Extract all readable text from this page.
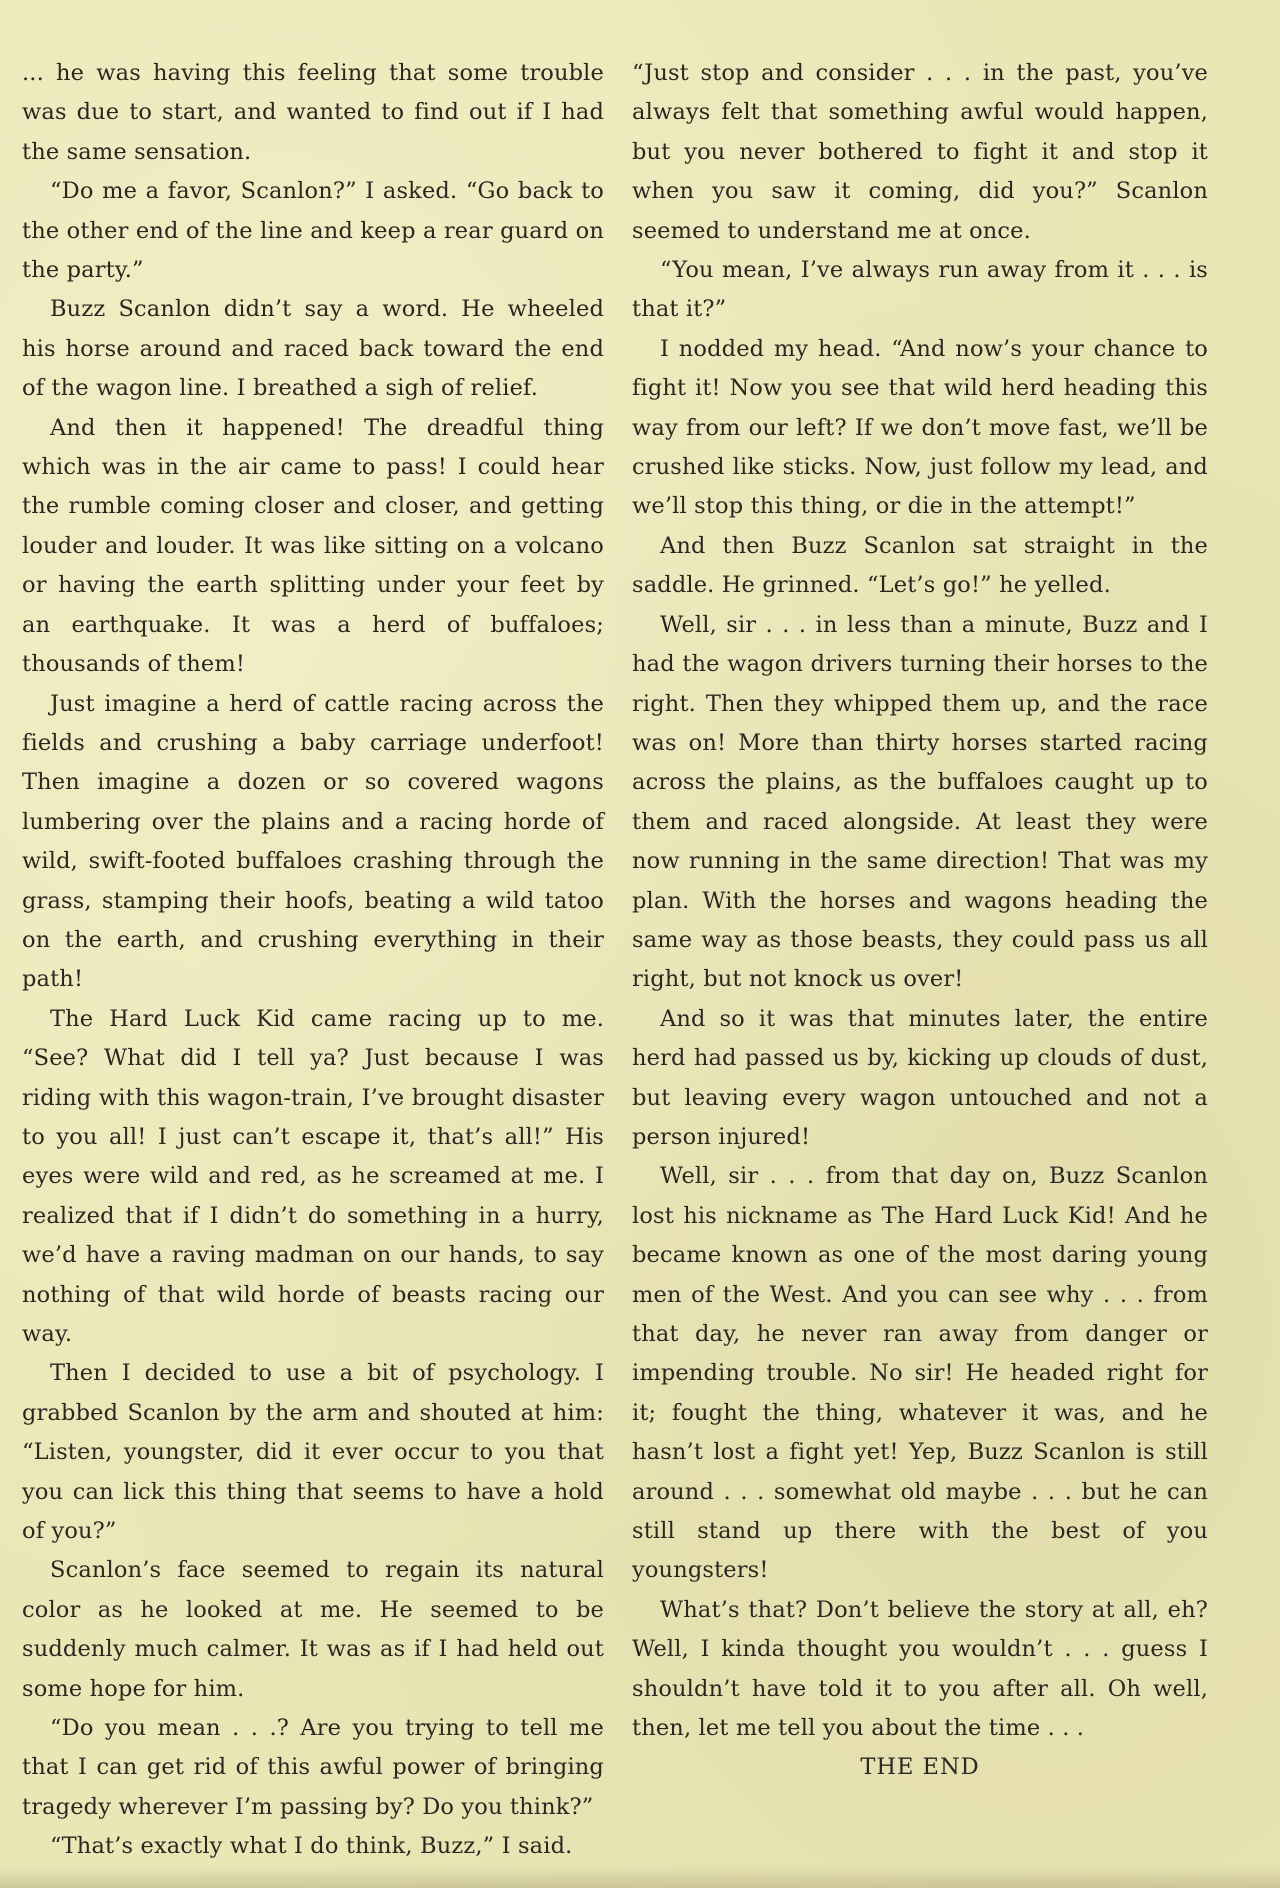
... he was having this feeling that some trouble was due to start, and wanted to find out if I had the same sensation.

“Do me a favor, Scanlon?” I asked. “Go back to the other end of the line and keep a rear guard on the party.”

Buzz Scanlon didn’t say a word. He wheeled his horse around and raced back toward the end of the wagon line. I breathed a sigh of relief.

And then it happened! The dreadful thing which was in the air came to pass! I could hear the rumble coming closer and closer, and getting louder and louder. It was like sitting on a volcano or having the earth splitting under your feet by an earthquake. It was a herd of buffaloes; thousands of them!

Just imagine a herd of cattle racing across the fields and crushing a baby carriage underfoot! Then imagine a dozen or so covered wagons lumbering over the plains and a racing horde of wild, swift-footed buffaloes crashing through the grass, stamping their hoofs, beating a wild tatoo on the earth, and crushing everything in their path!

The Hard Luck Kid came racing up to me. “See? What did I tell ya? Just because I was riding with this wagon-train, I’ve brought disaster to you all! I just can’t escape it, that’s all!” His eyes were wild and red, as he screamed at me. I realized that if I didn’t do something in a hurry, we’d have a raving madman on our hands, to say nothing of that wild horde of beasts racing our way.

Then I decided to use a bit of psychology. I grabbed Scanlon by the arm and shouted at him: “Listen, youngster, did it ever occur to you that you can lick this thing that seems to have a hold of you?”

Scanlon’s face seemed to regain its natural color as he looked at me. He seemed to be suddenly much calmer. It was as if I had held out some hope for him.

“Do you mean . . .? Are you trying to tell me that I can get rid of this awful power of bringing tragedy wherever I’m passing by? Do you think?”

“That’s exactly what I do think, Buzz,” I said.

“Just stop and consider . . . in the past, you’ve always felt that something awful would happen, but you never bothered to fight it and stop it when you saw it coming, did you?” Scanlon seemed to understand me at once.

“You mean, I’ve always run away from it . . . is that it?”

I nodded my head. “And now’s your chance to fight it! Now you see that wild herd heading this way from our left? If we don’t move fast, we’ll be crushed like sticks. Now, just follow my lead, and we’ll stop this thing, or die in the attempt!”

And then Buzz Scanlon sat straight in the saddle. He grinned. “Let’s go!” he yelled.

Well, sir . . . in less than a minute, Buzz and I had the wagon drivers turning their horses to the right. Then they whipped them up, and the race was on! More than thirty horses started racing across the plains, as the buffaloes caught up to them and raced alongside. At least they were now running in the same direction! That was my plan. With the horses and wagons heading the same way as those beasts, they could pass us all right, but not knock us over!

And so it was that minutes later, the entire herd had passed us by, kicking up clouds of dust, but leaving every wagon untouched and not a person injured!

Well, sir . . . from that day on, Buzz Scanlon lost his nickname as The Hard Luck Kid! And he became known as one of the most daring young men of the West. And you can see why . . . from that day, he never ran away from danger or impending trouble. No sir! He headed right for it; fought the thing, whatever it was, and he hasn’t lost a fight yet! Yep, Buzz Scanlon is still around . . . somewhat old maybe . . . but he can still stand up there with the best of you youngsters!

What’s that? Don’t believe the story at all, eh? Well, I kinda thought you wouldn’t . . . guess I shouldn’t have told it to you after all. Oh well, then, let me tell you about the time . . .

THE END
